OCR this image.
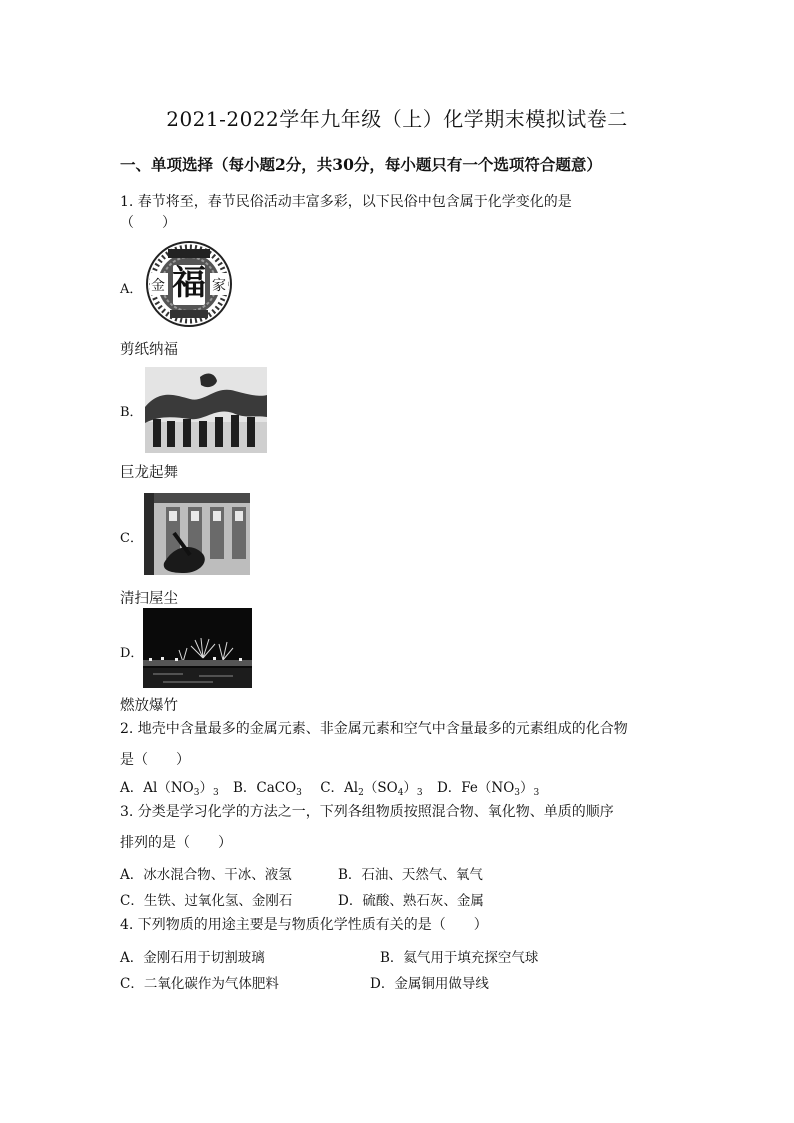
2021-2022学年九年级（上）化学期末模拟试卷二
一、单项选择（每小题2分，共30分，每小题只有一个选项符合题意）
1. 春节将至，春节民俗活动丰富多彩，以下民俗中包含属于化学变化的是
（　　）
A． 福
金	家
剪纸纳福
B．
巨龙起舞
C．
清扫屋尘
D．
燃放爆竹
2. 地壳中含量最多的金属元素、非金属元素和空气中含量最多的元素组成的化合物
是（　　）
A．$Al(NO_3)_3$ B．CaCO$_3$ C．$Al_2(SO_4)_3$ D．$Fe(NO_3)_3$
3. 分类是学习化学的方法之一，下列各组物质按照混合物、氧化物、单质的顺序
排列的是（　　）
A．冰水混合物、干冰、液氢	B．石油、天然气、氧气
C．生铁、过氧化氢、金刚石	D．硫酸、熟石灰、金属
4. 下列物质的用途主要是与物质化学性质有关的是（　　）
A．金刚石用于切割玻璃	B．氦气用于填充探空气球
C．二氧化碳作为气体肥料	D．金属铜用做导线
